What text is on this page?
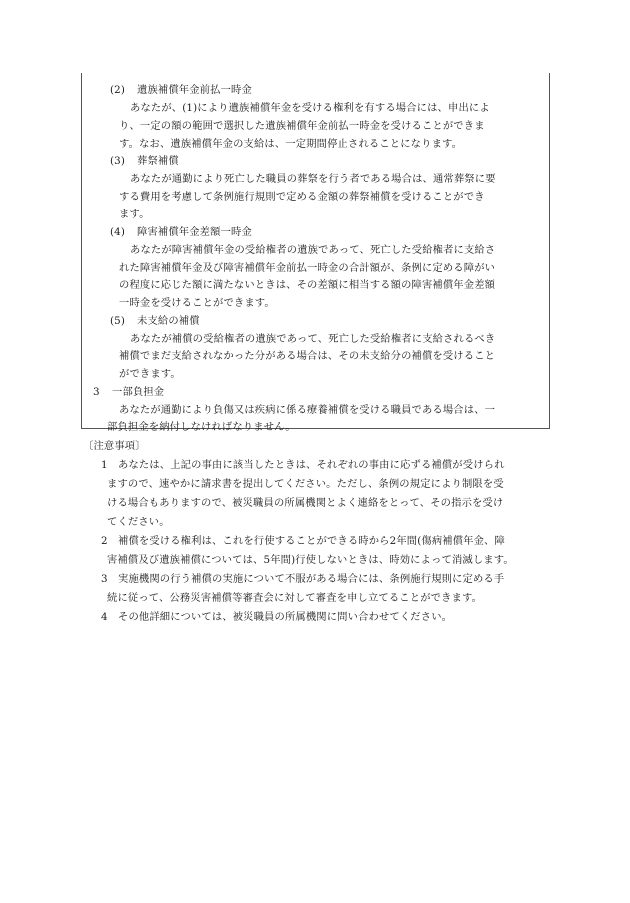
(2) 遺族補償年金前払一時金
あなたが、(1)により遺族補償年金を受ける権利を有する場合には、申出によ
り、一定の額の範囲で選択した遺族補償年金前払一時金を受けることができま
す。なお、遺族補償年金の支給は、一定期間停止されることになります。
(3) 葬祭補償
あなたが通勤により死亡した職員の葬祭を行う者である場合は、通常葬祭に要
する費用を考慮して条例施行規則で定める金額の葬祭補償を受けることができ
ます。
(4) 障害補償年金差額一時金
あなたが障害補償年金の受給権者の遺族であって、死亡した受給権者に支給さ
れた障害補償年金及び障害補償年金前払一時金の合計額が、条例に定める障がい
の程度に応じた額に満たないときは、その差額に相当する額の障害補償年金差額
一時金を受けることができます。
(5) 未支給の補償
あなたが補償の受給権者の遺族であって、死亡した受給権者に支給されるべき
補償でまだ支給されなかった分がある場合は、その未支給分の補償を受けること
ができます。
3 一部負担金
あなたが通勤により負傷又は疾病に係る療養補償を受ける職員である場合は、一
部負担金を納付しなければなりません。
〔注意事項〕
1 あなたは、上記の事由に該当したときは、それぞれの事由に応ずる補償が受けられ
ますので、速やかに請求書を提出してください。ただし、条例の規定により制限を受
ける場合もありますので、被災職員の所属機関とよく連絡をとって、その指示を受け
てください。
2 補償を受ける権利は、これを行使することができる時から2年間(傷病補償年金、障
害補償及び遺族補償については、5年間)行使しないときは、時効によって消滅します。
3 実施機関の行う補償の実施について不服がある場合には、条例施行規則に定める手
続に従って、公務災害補償等審査会に対して審査を申し立てることができます。
4 その他詳細については、被災職員の所属機関に問い合わせてください。
